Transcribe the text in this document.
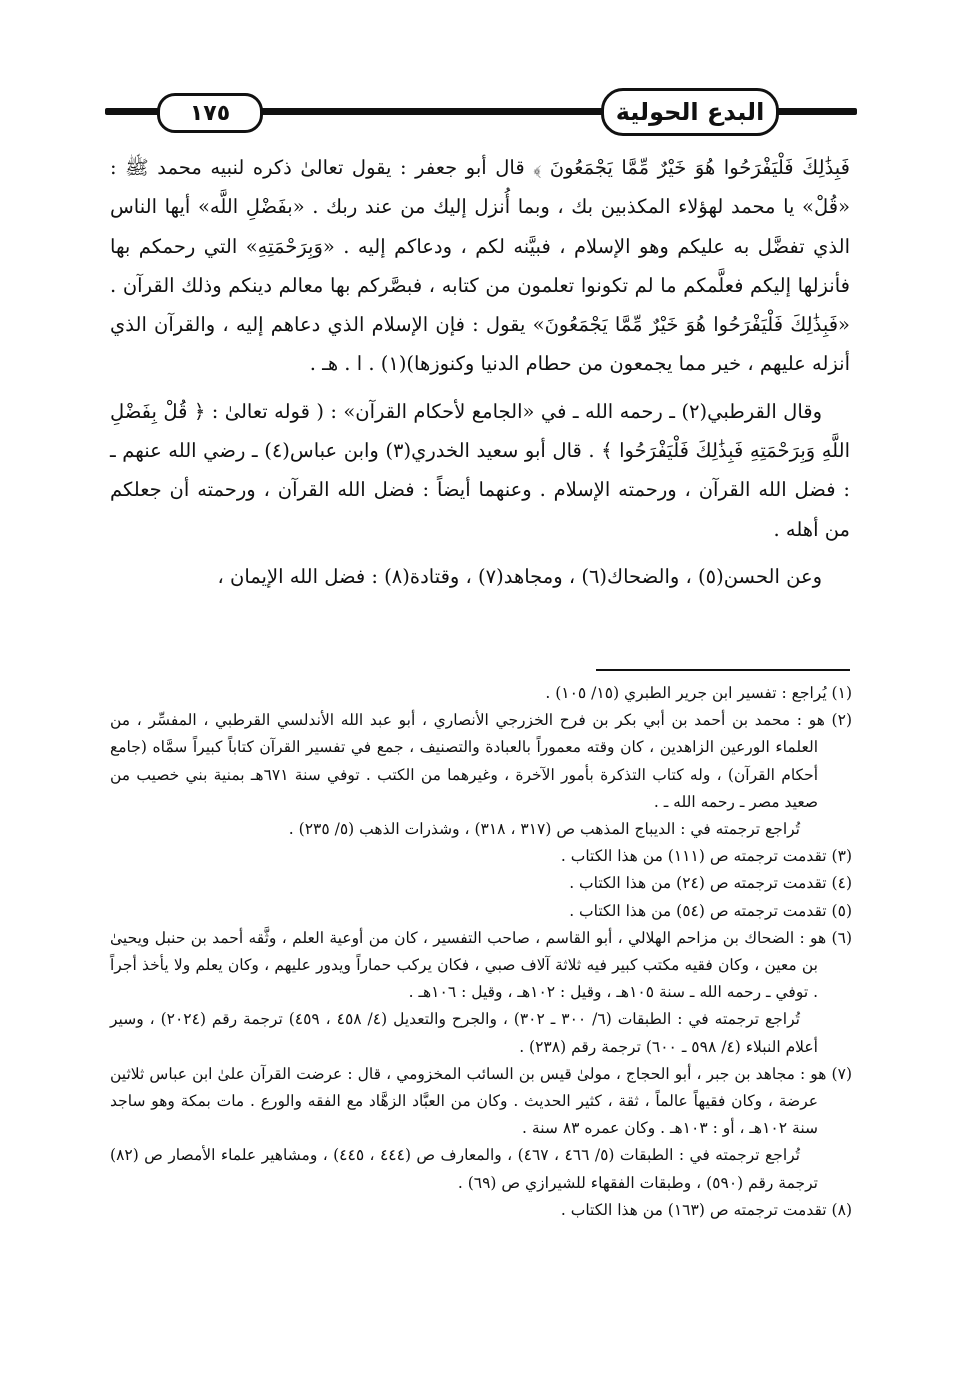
١٧٥	البدع الحولية

فَبِذَٰلِكَ فَلْيَفْرَحُوا هُوَ خَيْرٌ مِّمَّا يَجْمَعُونَ ﴾ قال أبو جعفر : يقول تعالىٰ ذكره لنبيه محمد ﷺ : «قُلْ» يا محمد لهؤلاء المكذبين بك ، وبما أُنزل إليك من عند ربك . «بفَضْلِ اللَّه» أيها الناس الذي تفضَّل به عليكم وهو الإسلام ، فبيَّنه لكم ، ودعاكم إليه . «وَبِرَحْمَتِهِ» التي رحمكم بها فأنزلها إليكم فعلَّمكم ما لم تكونوا تعلمون من كتابه ، فبصَّركم بها معالم دينكم وذلك القرآن . «فَبِذَٰلِكَ فَلْيَفْرَحُوا هُوَ خَيْرٌ مِّمَّا يَجْمَعُونَ» يقول : فإن الإسلام الذي دعاهم إليه ، والقرآن الذي أنزله عليهم ، خير مما يجمعون من حطام الدنيا وكنوزها)(١) . ا . هـ .

وقال القرطبي(٢) ـ رحمه الله ـ في «الجامع لأحكام القرآن» : ( قوله تعالىٰ : ﴿ قُلْ بِفَضْلِ اللَّهِ وَبِرَحْمَتِهِ فَبِذَٰلِكَ فَلْيَفْرَحُوا ﴾ . قال أبو سعيد الخدري(٣) وابن عباس(٤) ـ رضي الله عنهم ـ : فضل الله القرآن ، ورحمته الإسلام . وعنهما أيضاً : فضل الله القرآن ، ورحمته أن جعلكم من أهله .

وعن الحسن(٥) ، والضحاك(٦) ، ومجاهد(٧) ، وقتادة(٨) : فضل الله الإيمان ،

(١) يُراجع : تفسير ابن جرير الطبري (١٥/ ١٠٥) .

(٢) هو : محمد بن أحمد بن أبي بكر بن فرح الخزرجي الأنصاري ، أبو عبد الله الأندلسي القرطبي ، المفسِّر ، من العلماء الورعين الزاهدين ، كان وقته معموراً بالعبادة والتصنيف ، جمع في تفسير القرآن كتاباً كبيراً سمَّاه (جامع أحكام القرآن) ، وله كتاب التذكرة بأمور الآخرة ، وغيرهما من الكتب . توفي سنة ٦٧١هـ بمنية بني خصيب من صعيد مصر ـ رحمه الله ـ .

تُراجع ترجمته في : الديباج المذهب ص (٣١٧ ، ٣١٨) ، وشذرات الذهب (٥/ ٢٣٥) .

(٣) تقدمت ترجمته ص (١١١) من هذا الكتاب .

(٤) تقدمت ترجمته ص (٢٤) من هذا الكتاب .

(٥) تقدمت ترجمته ص (٥٤) من هذا الكتاب .

(٦) هو : الضحاك بن مزاحم الهلالي ، أبو القاسم ، صاحب التفسير ، كان من أوعية العلم ، وثَّقه أحمد بن حنبل ويحيىٰ بن معين ، وكان فقيه مكتب كبير فيه ثلاثة آلاف صبي ، فكان يركب حماراً ويدور عليهم ، وكان يعلم ولا يأخذ أجراً . توفي ـ رحمه الله ـ سنة ١٠٥هـ ، وقيل : ١٠٢هـ ، وقيل : ١٠٦هـ .

تُراجع ترجمته في : الطبقات (٦/ ٣٠٠ ـ ٣٠٢) ، والجرح والتعديل (٤/ ٤٥٨ ، ٤٥٩) ترجمة رقم (٢٠٢٤) ، وسير أعلام النبلاء (٤/ ٥٩٨ ـ ٦٠٠) ترجمة رقم (٢٣٨) .

(٧) هو : مجاهد بن جبر ، أبو الحجاج ، مولىٰ قيس بن السائب المخزومي ، قال : عرضت القرآن علىٰ ابن عباس ثلاثين عرضة ، وكان فقيهاً عالماً ، ثقة ، كثير الحديث . وكان من العبَّاد الزهَّاد مع الفقه والورع . مات بمكة وهو ساجد سنة ١٠٢هـ ، أو : ١٠٣هـ . وكان عمره ٨٣ سنة .

تُراجع ترجمته في : الطبقات (٥/ ٤٦٦ ، ٤٦٧) ، والمعارف ص (٤٤٤ ، ٤٤٥) ، ومشاهير علماء الأمصار ص (٨٢) ترجمة رقم (٥٩٠) ، وطبقات الفقهاء للشيرازي ص (٦٩) .

(٨) تقدمت ترجمته ص (١٦٣) من هذا الكتاب .
